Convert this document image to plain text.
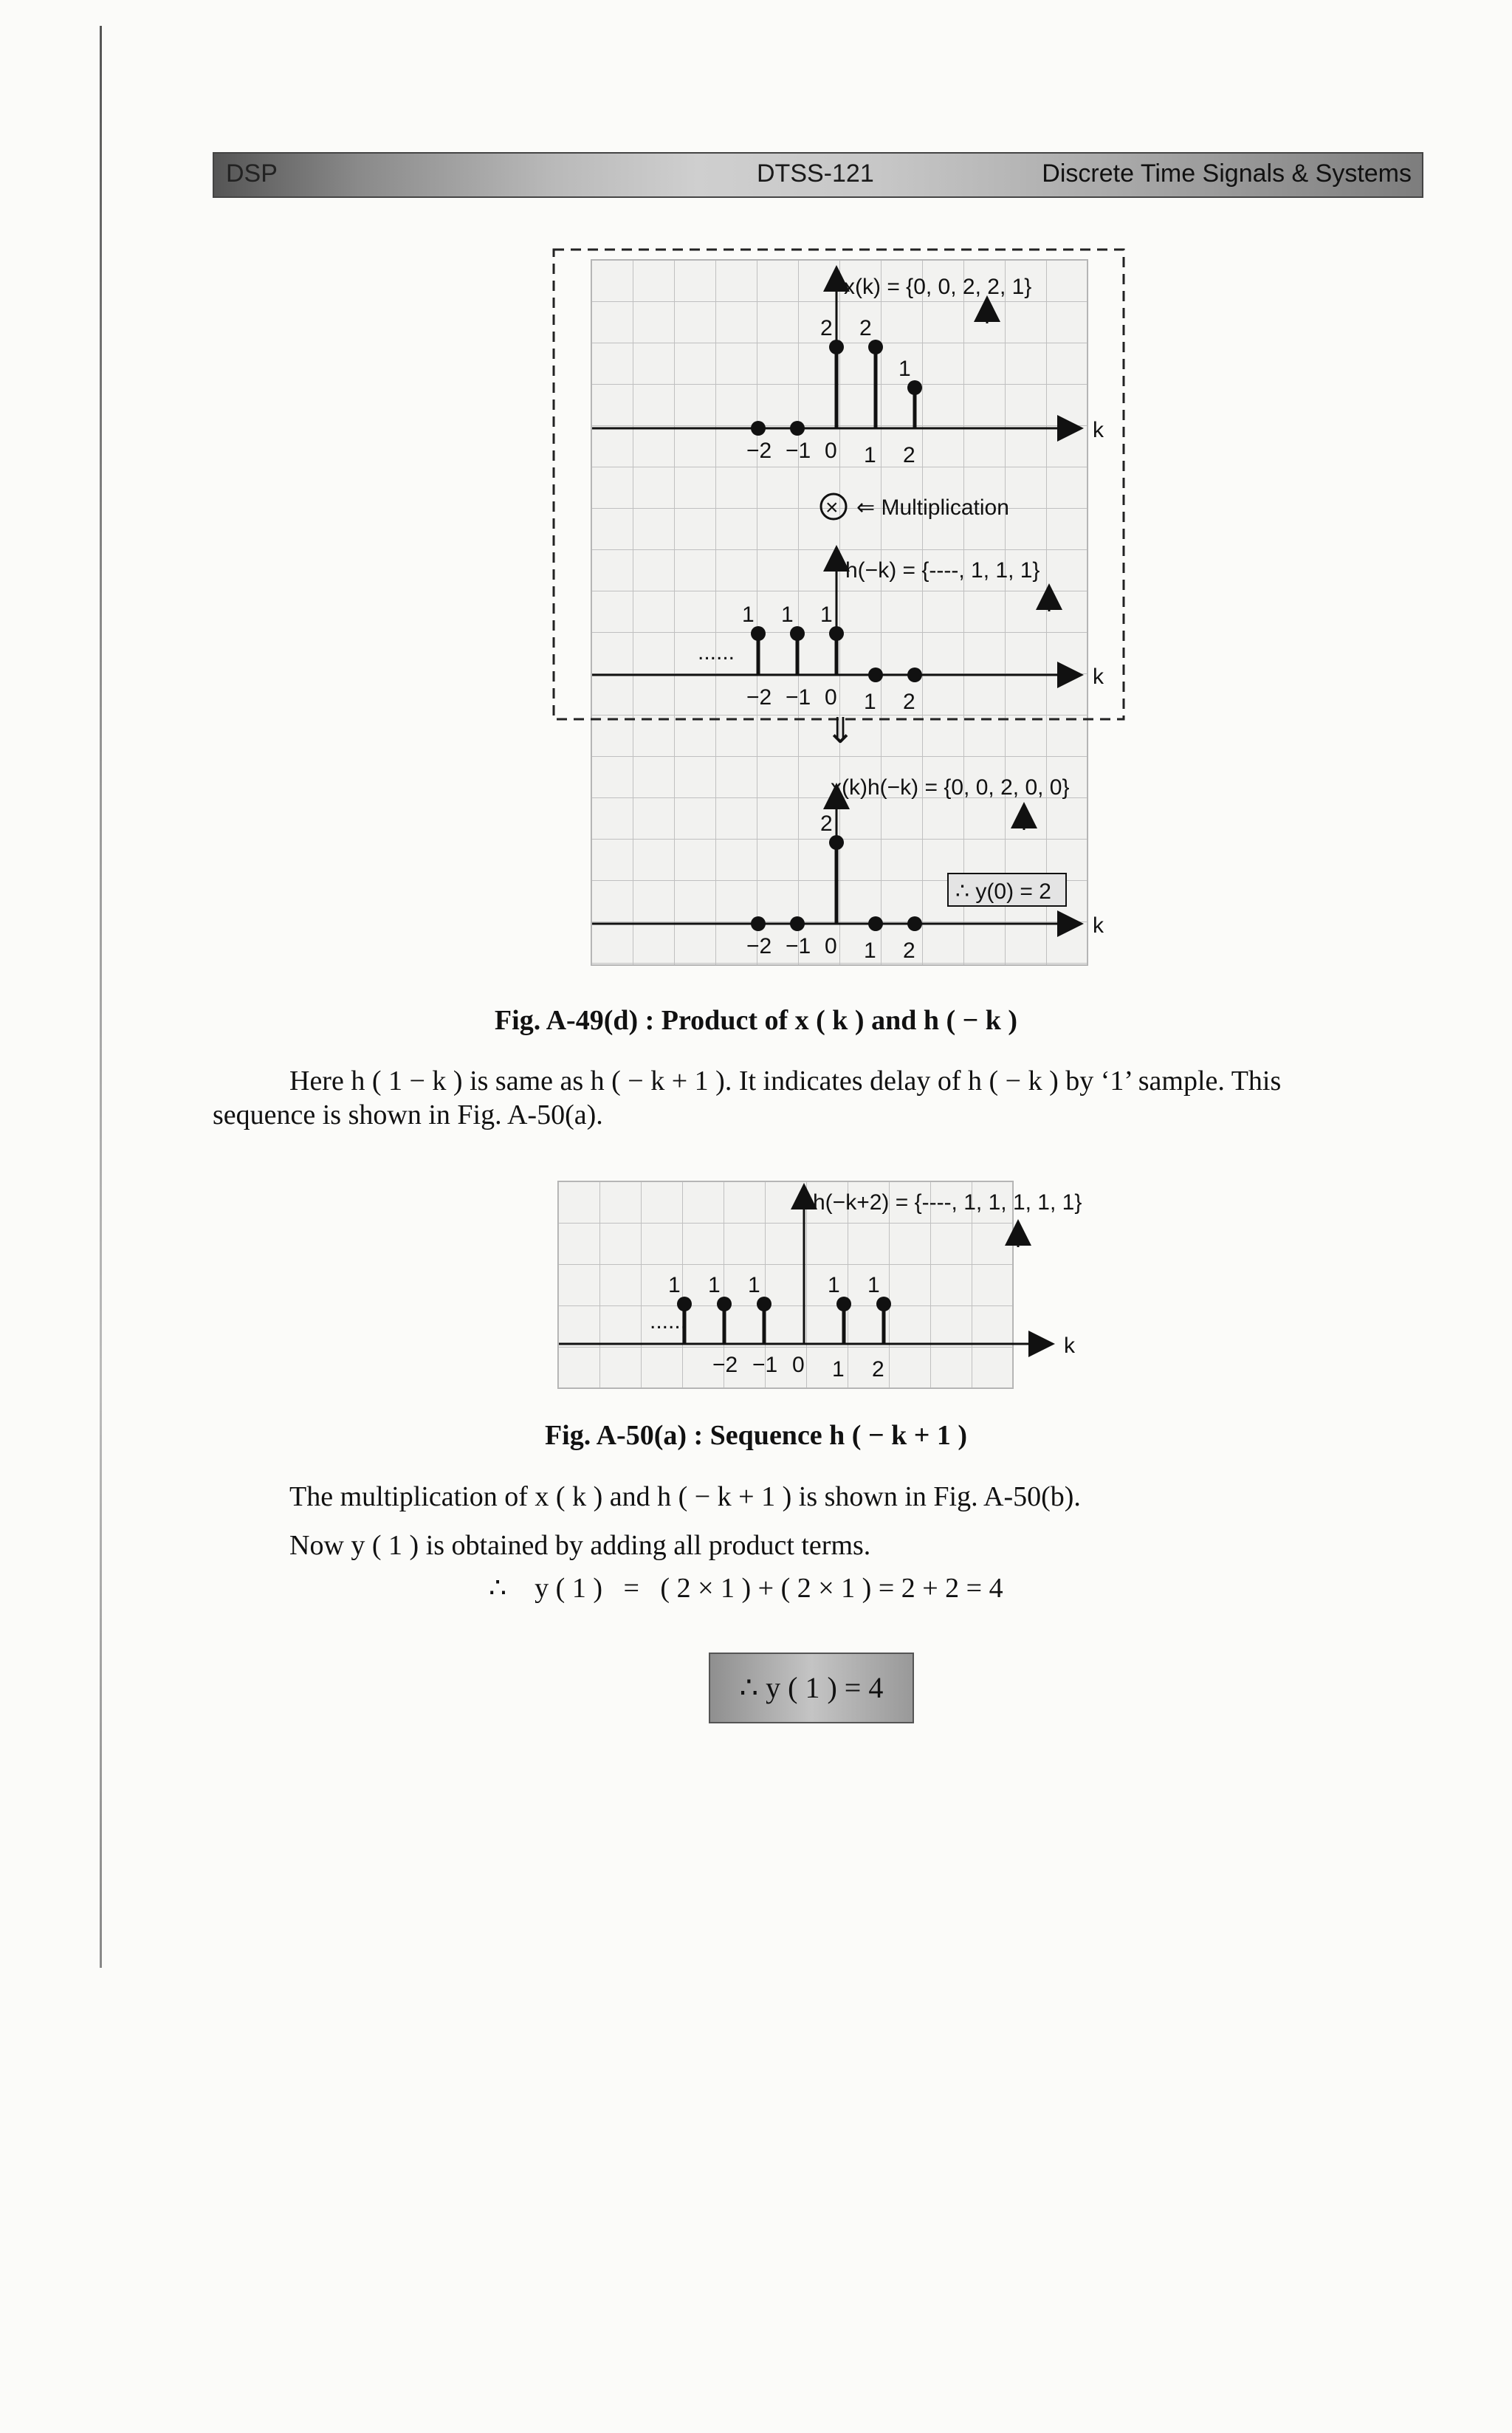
DSP	DTSS-121	Discrete Time Signals & Systems
k
2 2
1
−2 −1 0 1 2
x(k) = {0, 0, 2, 2, 1}
× ⇐ Multiplication
k
1 1 1
−2 −1 0 1 2
h(−k) = {----, 1, 1, 1}
......
⇓
k
2
−2 −1 0 1 2
x(k)h(−k) = {0, 0, 2, 0, 0}
∴ y(0) = 2
Fig. A-49(d) : Product of x ( k ) and h ( − k )
Here h ( 1 − k ) is same as h ( − k + 1 ). It indicates delay of h ( − k ) by ‘1’ sample. This
sequence is shown in Fig. A-50(a).
k
1 1 1	1 1
−2 −1 0 1 2
h(−k+2) = {----, 1, 1, 1, 1, 1}
......
Fig. A-50(a) : Sequence h ( − k + 1 )
The multiplication of x ( k ) and h ( − k + 1 ) is shown in Fig. A-50(b).
Now y ( 1 ) is obtained by adding all product terms.
∴    y ( 1 )   =   ( 2 × 1 ) + ( 2 × 1 ) = 2 + 2 = 4
∴ y ( 1 ) = 4
